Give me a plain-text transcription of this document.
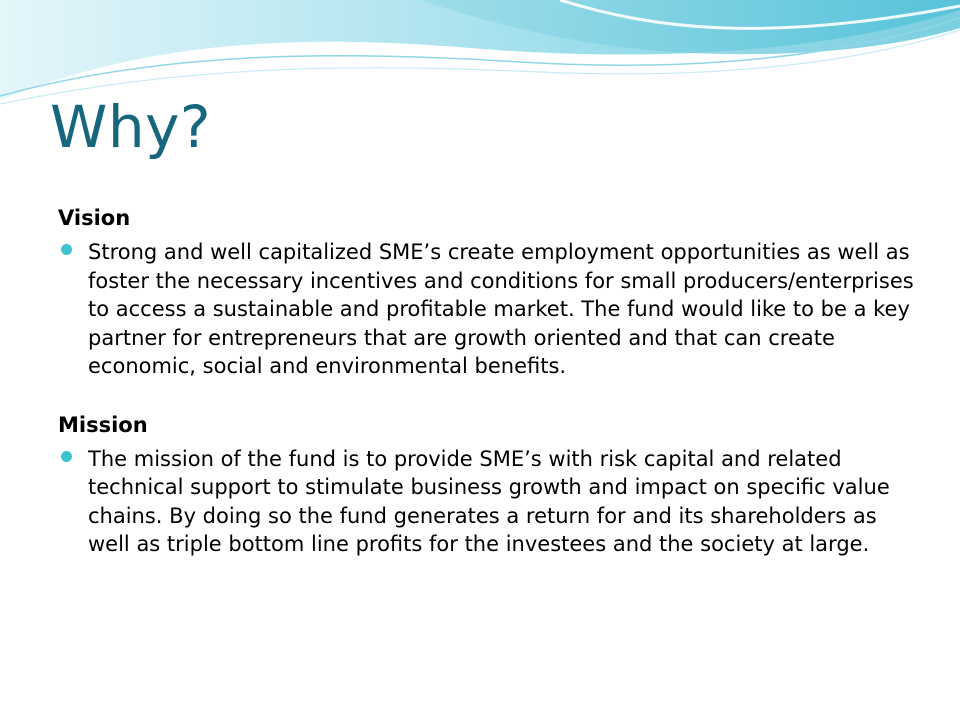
Why?

Vision

Strong and well capitalized SME’s create employment opportunities as well as foster the necessary incentives and conditions for small producers/enterprises to access a sustainable and profitable market. The fund would like to be a key partner for entrepreneurs that are growth oriented and that can create economic, social and environmental benefits.

Mission

The mission of the fund is to provide SME’s with risk capital and related technical support to stimulate business growth and impact on specific value chains. By doing so the fund generates a return for and its shareholders as well as triple bottom line profits for the investees and the society at large.
